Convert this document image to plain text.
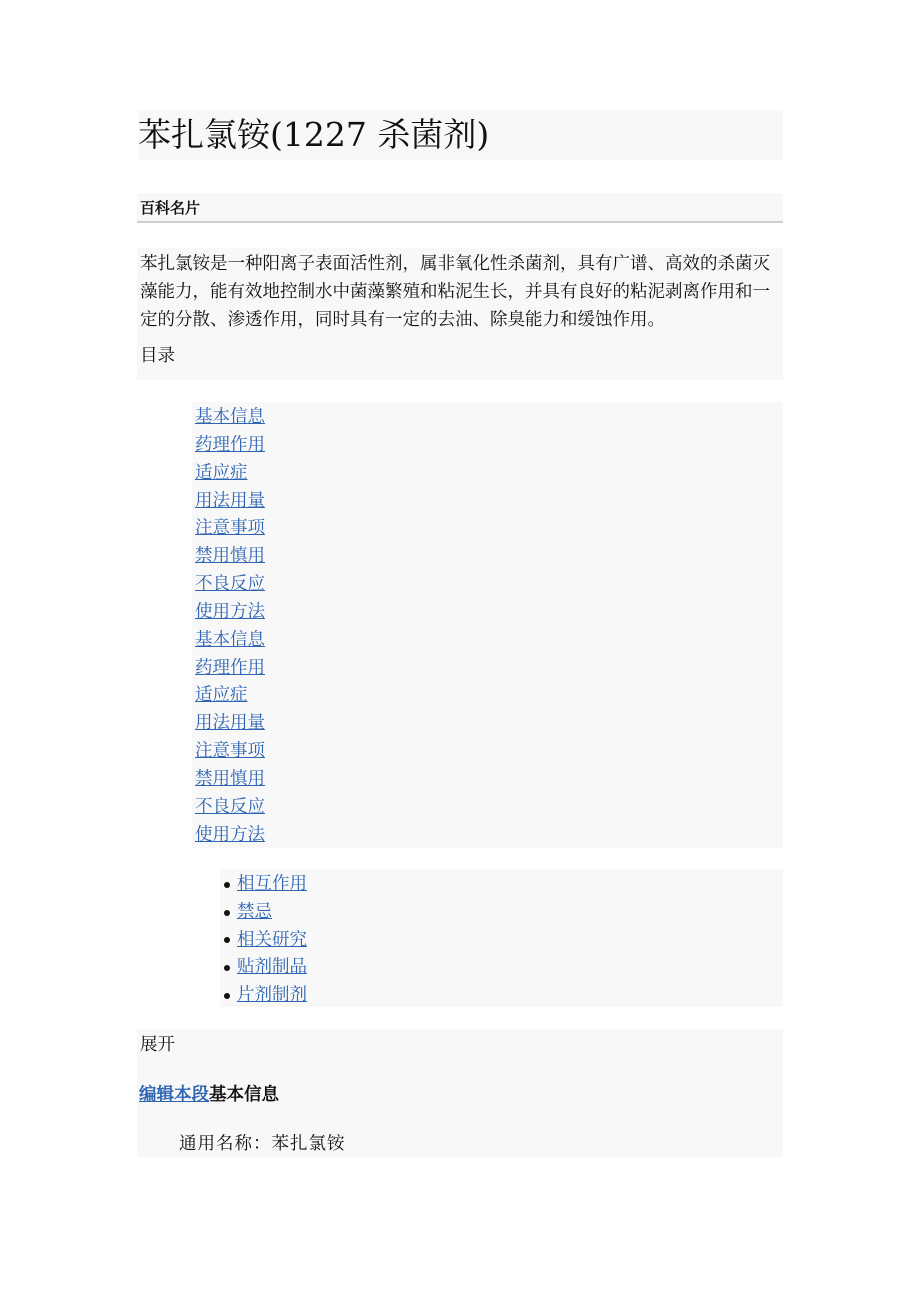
苯扎氯铵(1227 杀菌剂)
百科名片

苯扎氯铵是一种阳离子表面活性剂，属非氧化性杀菌剂，具有广谱、高效的杀菌灭藻能力，能有效地控制水中菌藻繁殖和粘泥生长，并具有良好的粘泥剥离作用和一定的分散、渗透作用，同时具有一定的去油、除臭能力和缓蚀作用。

目录
基本信息
药理作用
适应症
用法用量
注意事项
禁用慎用
不良反应
使用方法
基本信息
药理作用
适应症
用法用量
注意事项
禁用慎用
不良反应
使用方法
相互作用
禁忌
相关研究
贴剂制品
片剂制剂
展开
编辑本段基本信息
通用名称：苯扎氯铵
